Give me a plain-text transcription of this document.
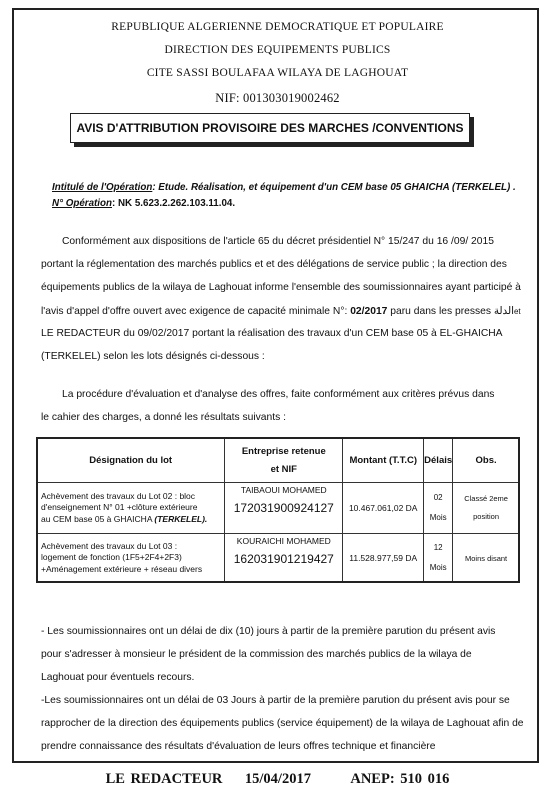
REPUBLIQUE ALGERIENNE DEMOCRATIQUE ET POPULAIRE
DIRECTION DES EQUIPEMENTS PUBLICS
CITE SASSI BOULAFAA WILAYA DE LAGHOUAT
NIF: 001303019002462
AVIS D'ATTRIBUTION PROVISOIRE DES MARCHES /CONVENTIONS
Intitulé de l'Opération: Etude. Réalisation, et équipement d'un CEM base 05 GHAICHA (TERKELEL) .
N° Opération: NK 5.623.2.262.103.11.04.
Conformément aux dispositions de l'article 65 du décret présidentiel N° 15/247 du 16 /09/ 2015
portant la réglementation des marchés publics et et des délégations de service public ; la direction des
équipements publics de la wilaya de Laghouat informe l'ensemble des soumissionnaires ayant participé à
l'avis d'appel d'offre ouvert avec exigence de capacité minimale N°: 02/2017 paru dans les presses الدلةet
LE REDACTEUR du 09/02/2017 portant la réalisation des travaux d'un CEM base 05 à EL-GHAICHA
(TERKELEL) selon les lots désignés ci-dessous :
La procédure d'évaluation et d'analyse des offres, faite conformément aux critères prévus dans
le cahier des charges, a donné les résultats suivants :
Désignation du lot	Entreprise retenue
et NIF	Montant (T.T.C)	Délais	Obs.

Achèvement des travaux du Lot 02 : bloc
d'enseignement N° 01 +clôture extérieure
au CEM base 05 à GHAICHA (TERKELEL).	TAIBAOUI MOHAMED
172031900924127	10.467.061,02 DA	02
Mois	Classé 2eme
position

Achèvement des travaux du Lot 03 :
logement de fonction (1F5+2F4+2F3)
+Aménagement extérieure + réseau divers	KOURAICHI MOHAMED
162031901219427	11.528.977,59 DA	12
Mois	Moins disant
- Les soumissionnaires ont un délai de dix (10) jours à partir de la première parution du présent avis
pour s'adresser à monsieur le président de la commission des marchés publics de la wilaya de
Laghouat pour éventuels recours.
-Les soumissionnaires ont un délai de 03 Jours à partir de la première parution du présent avis pour se
rapprocher de la direction des équipements publics (service équipement) de la wilaya de Laghouat afin de
prendre connaissance des résultats d'évaluation de leurs offres technique et financière
LE REDACTEUR 15/04/2017	ANEP: 510 016
